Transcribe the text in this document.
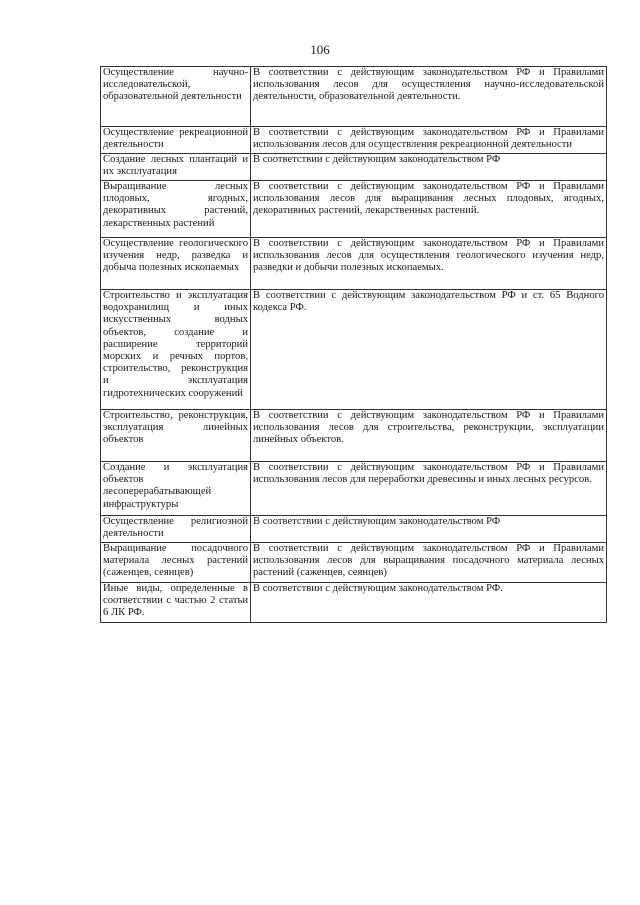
106
Осуществление научно-исследовательской, образовательной деятельности	В соответствии с действующим законодательством РФ и Правилами использования лесов для осуществления научно-исследовательской деятельности, образовательной деятельности.
Осуществление рекреационной деятельности	В соответствии с действующим законодательством РФ и Правилами использования лесов для осуществления рекреационной деятельности
Создание лесных плантаций и их эксплуатация	В соответствии с действующим законодательством РФ
Выращивание лесных плодовых, ягодных, декоративных растений, лекарственных растений	В соответствии с действующим законодательством РФ и Правилами использования лесов для выращивания лесных плодовых, ягодных, декоративных растений, лекарственных растений.
Осуществление геологического изучения недр, разведка и добыча полезных ископаемых	В соответствии с действующим законодательством РФ и Правилами использования лесов для осуществления геологического изучения недр, разведки и добычи полезных ископаемых.
Строительство и эксплуатация водохранилищ и иных искусственных водных объектов, создание и расширение территорий морских и речных портов, строительство, реконструкция и эксплуатация гидротехнических сооружений	В соответствии с действующим законодательством РФ и ст. 65 Водного кодекса РФ.
Строительство, реконструкция, эксплуатация линейных объектов	В соответствии с действующим законодательством РФ и Правилами использования лесов для строительства, реконструкции, эксплуатации линейных объектов.
Создание и эксплуатация объектов лесоперерабатывающей инфраструктуры	В соответствии с действующим законодательством РФ и Правилами использования лесов для переработки древесины и иных лесных ресурсов.
Осуществление религиозной деятельности	В соответствии с действующим законодательством РФ
Выращивание посадочного материала лесных растений (саженцев, сеянцев)	В соответствии с действующим законодательством РФ и Правилами использования лесов для выращивания посадочного материала лесных растений (саженцев, сеянцев)
Иные виды, определенные в соответствии с частью 2 статьи 6 ЛК РФ.	В соответствии с действующим законодательством РФ.
